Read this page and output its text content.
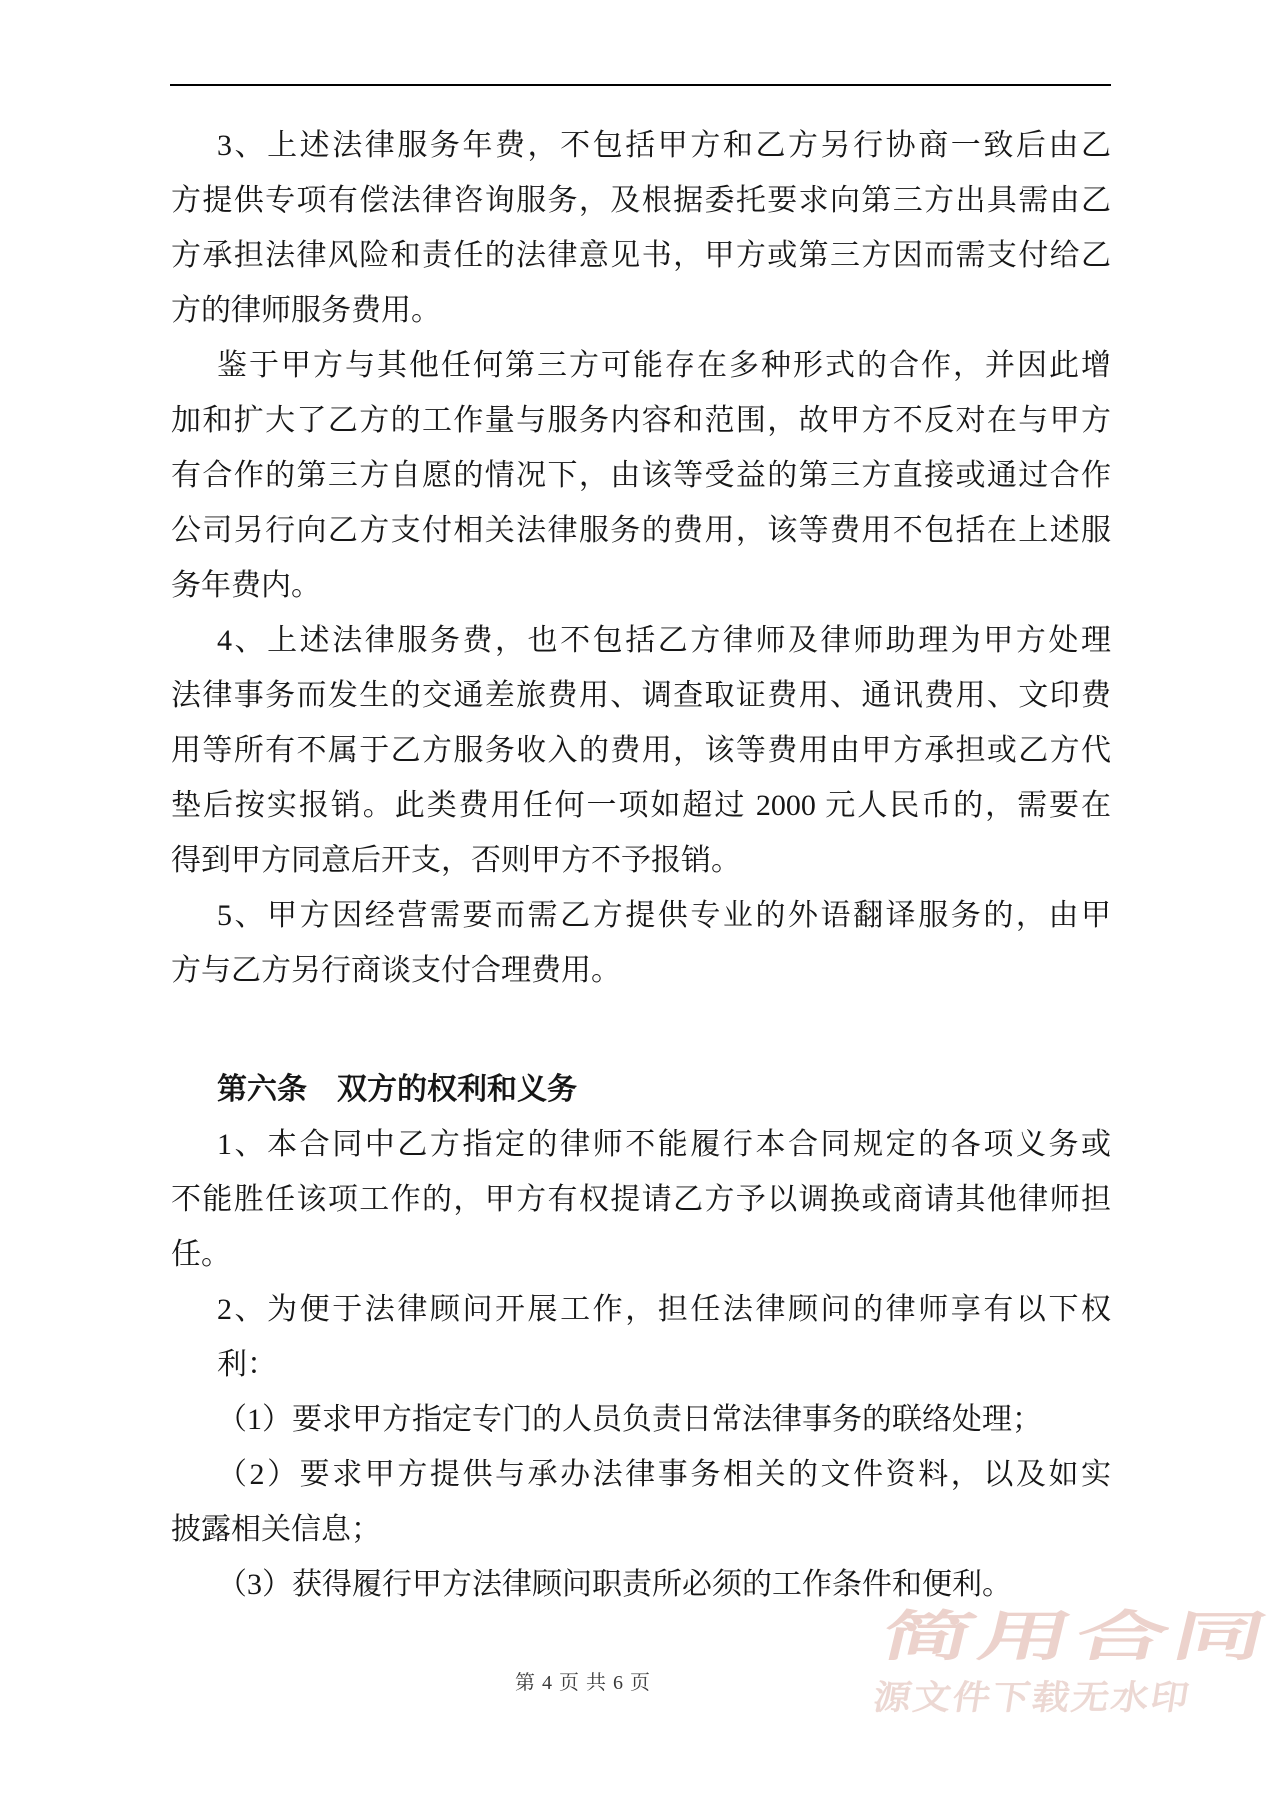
3、上述法律服务年费，不包括甲方和乙方另行协商一致后由乙
方提供专项有偿法律咨询服务，及根据委托要求向第三方出具需由乙
方承担法律风险和责任的法律意见书，甲方或第三方因而需支付给乙
方的律师服务费用。
鉴于甲方与其他任何第三方可能存在多种形式的合作，并因此增
加和扩大了乙方的工作量与服务内容和范围，故甲方不反对在与甲方
有合作的第三方自愿的情况下，由该等受益的第三方直接或通过合作
公司另行向乙方支付相关法律服务的费用，该等费用不包括在上述服
务年费内。
4、上述法律服务费，也不包括乙方律师及律师助理为甲方处理
法律事务而发生的交通差旅费用、调查取证费用、通讯费用、文印费
用等所有不属于乙方服务收入的费用，该等费用由甲方承担或乙方代
垫后按实报销。此类费用任何一项如超过 2000 元人民币的，需要在
得到甲方同意后开支，否则甲方不予报销。
5、甲方因经营需要而需乙方提供专业的外语翻译服务的，由甲
方与乙方另行商谈支付合理费用。
第六条　双方的权利和义务
1、本合同中乙方指定的律师不能履行本合同规定的各项义务或
不能胜任该项工作的，甲方有权提请乙方予以调换或商请其他律师担
任。
2、为便于法律顾问开展工作，担任法律顾问的律师享有以下权
利：
（1）要求甲方指定专门的人员负责日常法律事务的联络处理；
（2）要求甲方提供与承办法律事务相关的文件资料，以及如实
披露相关信息；
（3）获得履行甲方法律顾问职责所必须的工作条件和便利。
简用合同
源文件下载无水印
第 4 页 共 6 页
